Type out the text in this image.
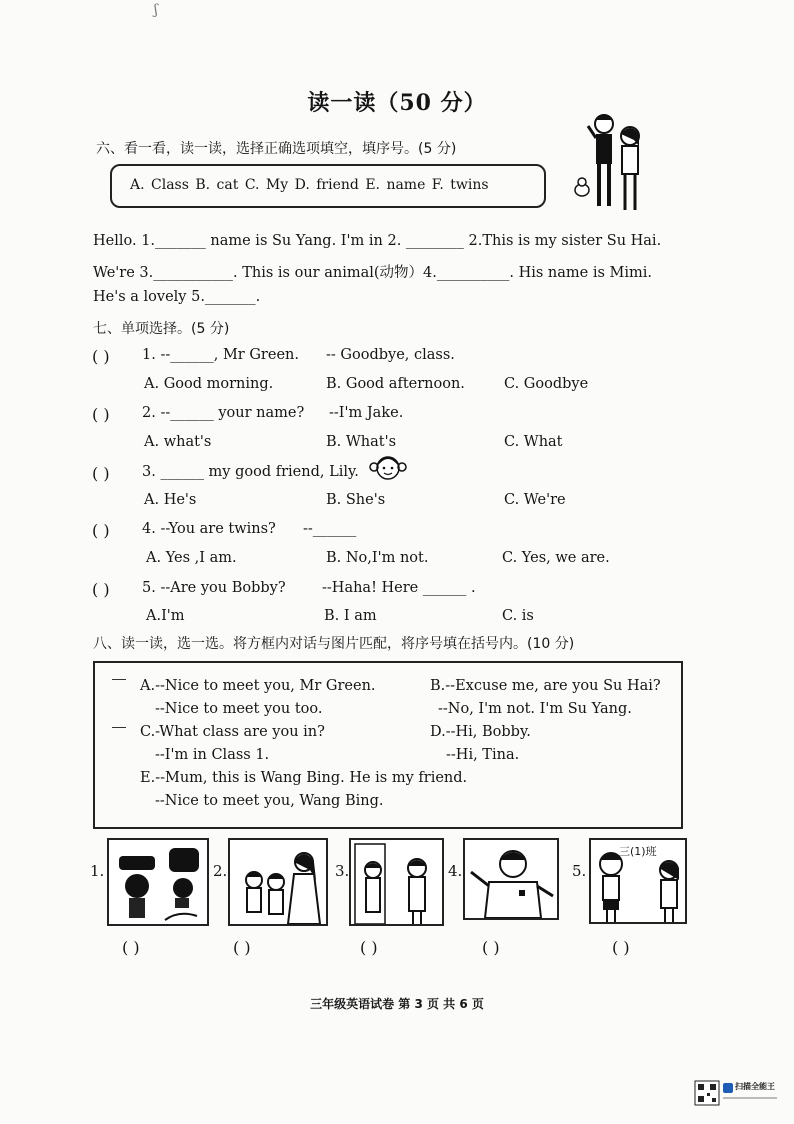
ʃ
读一读（50 分）
六、看一看，读一读，选择正确选项填空，填序号。(5 分)
A. Class B. cat C. My D. friend E. name F. twins
Hello. 1._______ name is Su Yang. I'm in 2. ________ 2.This is my sister Su Hai.
We're 3.___________. This is our animal(动物）4.__________. His name is Mimi.
He's a lovely 5._______.
七、单项选择。(5 分)
( ) 1. --______, Mr Green. -- Goodbye, class.
A. Good morning.	B. Good afternoon.	C. Goodbye
( ) 2. --______ your name? --I'm Jake.
A. what's	B. What's	C. What
( ) 3. ______ my good friend, Lily.
A. He's	B. She's	C. We're
( ) 4. --You are twins? --______
A. Yes ,I am.	B. No,I'm not.	C. Yes, we are.
( ) 5. --Are you Bobby?	--Haha! Here ______ .
A.I'm	B. I am	C. is
八、读一读，选一选。将方框内对话与图片匹配，将序号填在括号内。(10 分)
A.--Nice to meet you, Mr Green.
--Nice to meet you too.
B.--Excuse me, are you Su Hai?
--No, I'm not. I'm Su Yang.
C.-What class are you in?
--I'm in Class 1.
D.--Hi, Bobby.
--Hi, Tina.
E.--Mum, this is Wang Bing. He is my friend.
--Nice to meet you, Wang Bing.
1.	2.	3.	4.	5.
三(1)班
( )	( )	( )	( )	( )
三年级英语试卷 第 3 页 共 6 页
扫描全能王
